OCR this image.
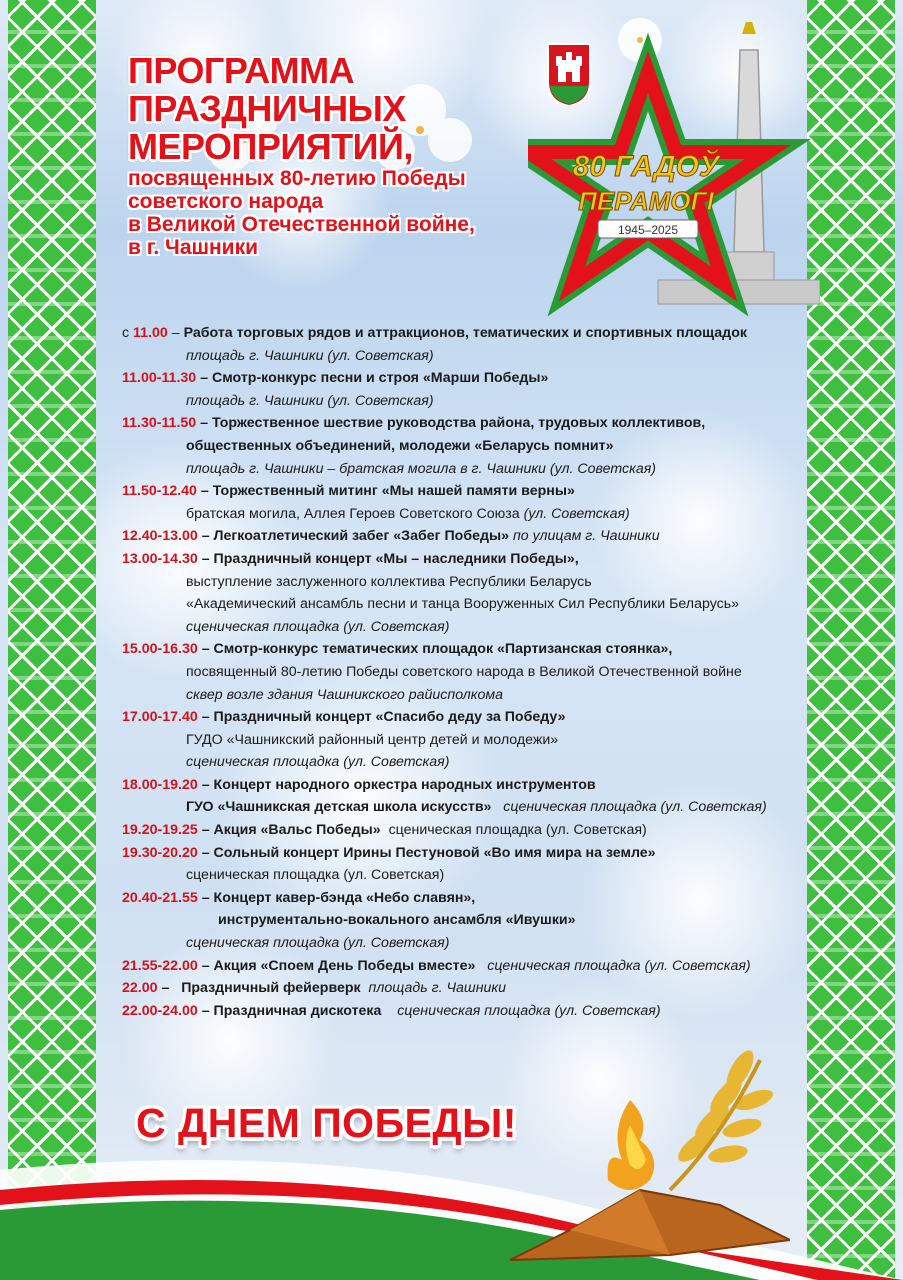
ПРОГРАММА
ПРАЗДНИЧНЫХ
МЕРОПРИЯТИЙ,
посвященных 80-летию Победы
советского народа
в Великой Отечественной войне,
в г. Чашники
80 ГАДОЎ
ПЕРАМОГІ
1945–2025
с 11.00 – Работа торговых рядов и аттракционов, тематических и спортивных площадок
площадь г. Чашники (ул. Советская)
11.00-11.30 – Смотр-конкурс песни и строя «Марши Победы»
площадь г. Чашники (ул. Советская)
11.30-11.50 – Торжественное шествие руководства района, трудовых коллективов,
общественных объединений, молодежи «Беларусь помнит»
площадь г. Чашники – братская могила в г. Чашники (ул. Советская)
11.50-12.40 – Торжественный митинг «Мы нашей памяти верны»
братская могила, Аллея Героев Советского Союза (ул. Советская)
12.40-13.00 – Легкоатлетический забег «Забег Победы» по улицам г. Чашники
13.00-14.30 – Праздничный концерт «Мы – наследники Победы»,
выступление заслуженного коллектива Республики Беларусь
«Академический ансамбль песни и танца Вооруженных Сил Республики Беларусь»
сценическая площадка (ул. Советская)
15.00-16.30 – Смотр-конкурс тематических площадок «Партизанская стоянка»,
посвященный 80-летию Победы советского народа в Великой Отечественной войне
сквер возле здания Чашникского райисполкома
17.00-17.40 – Праздничный концерт «Спасибо деду за Победу»
ГУДО «Чашникский районный центр детей и молодежи»
сценическая площадка (ул. Советская)
18.00-19.20 – Концерт народного оркестра народных инструментов
ГУО «Чашникская детская школа искусств» сценическая площадка (ул. Советская)
19.20-19.25 – Акция «Вальс Победы» сценическая площадка (ул. Советская)
19.30-20.20 – Сольный концерт Ирины Пестуновой «Во имя мира на земле»
сценическая площадка (ул. Советская)
20.40-21.55 – Концерт кавер-бэнда «Небо славян»,
инструментально-вокального ансамбля «Ивушки»
сценическая площадка (ул. Советская)
21.55-22.00 – Акция «Споем День Победы вместе» сценическая площадка (ул. Советская)
22.00 – Праздничный фейерверк площадь г. Чашники
22.00-24.00 – Праздничная дискотека сценическая площадка (ул. Советская)
С ДНЕМ ПОБЕДЫ!
